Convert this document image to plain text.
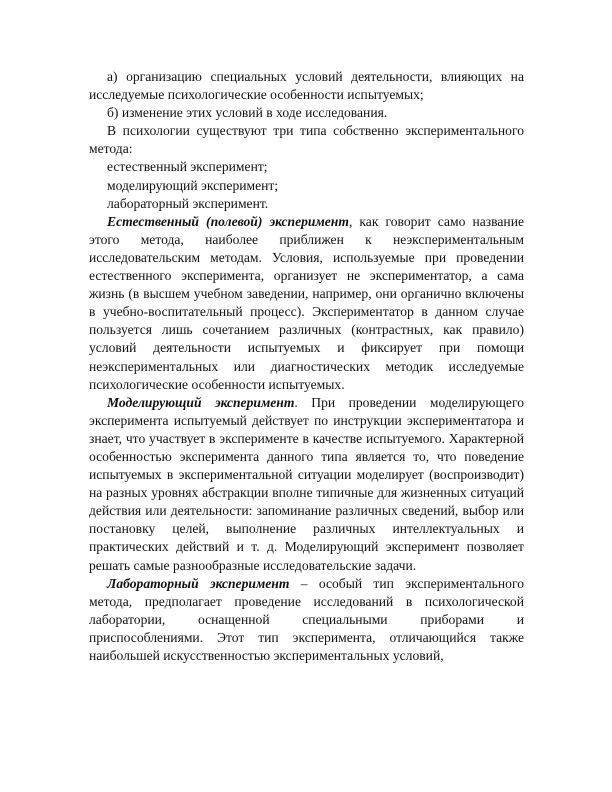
а) организацию специальных условий деятельности, влияющих на исследуемые психологические особенности испытуемых;

б) изменение этих условий в ходе исследования.

В психологии существуют три типа собственно экспериментального метода:

естественный эксперимент;

моделирующий эксперимент;

лабораторный эксперимент.

Естественный (полевой) эксперимент, как говорит само название этого метода, наиболее приближен к неэкспериментальным исследовательским методам. Условия, используемые при проведении естественного эксперимента, организует не экспериментатор, а сама жизнь (в высшем учебном заведении, например, они органично включены в учебно-воспитательный процесс). Экспериментатор в данном случае пользуется лишь сочетанием различных (контрастных, как правило) условий деятельности испытуемых и фиксирует при помощи неэкспериментальных или диагностических методик исследуемые психологические особенности испытуемых.

Моделирующий эксперимент. При проведении моделирующего эксперимента испытуемый действует по инструкции экспериментатора и знает, что участвует в эксперименте в качестве испытуемого. Характерной особенностью эксперимента данного типа является то, что поведение испытуемых в экспериментальной ситуации моделирует (воспроизводит) на разных уровнях абстракции вполне типичные для жизненных ситуаций действия или деятельности: запоминание различных сведений, выбор или постановку целей, выполнение различных интеллектуальных и практических действий и т. д. Моделирующий эксперимент позволяет решать самые разнообразные исследовательские задачи.

Лабораторный эксперимент – особый тип экспериментального метода, предполагает проведение исследований в психологической лаборатории, оснащенной специальными приборами и приспособлениями. Этот тип эксперимента, отличающийся также наибольшей искусственностью экспериментальных условий,
